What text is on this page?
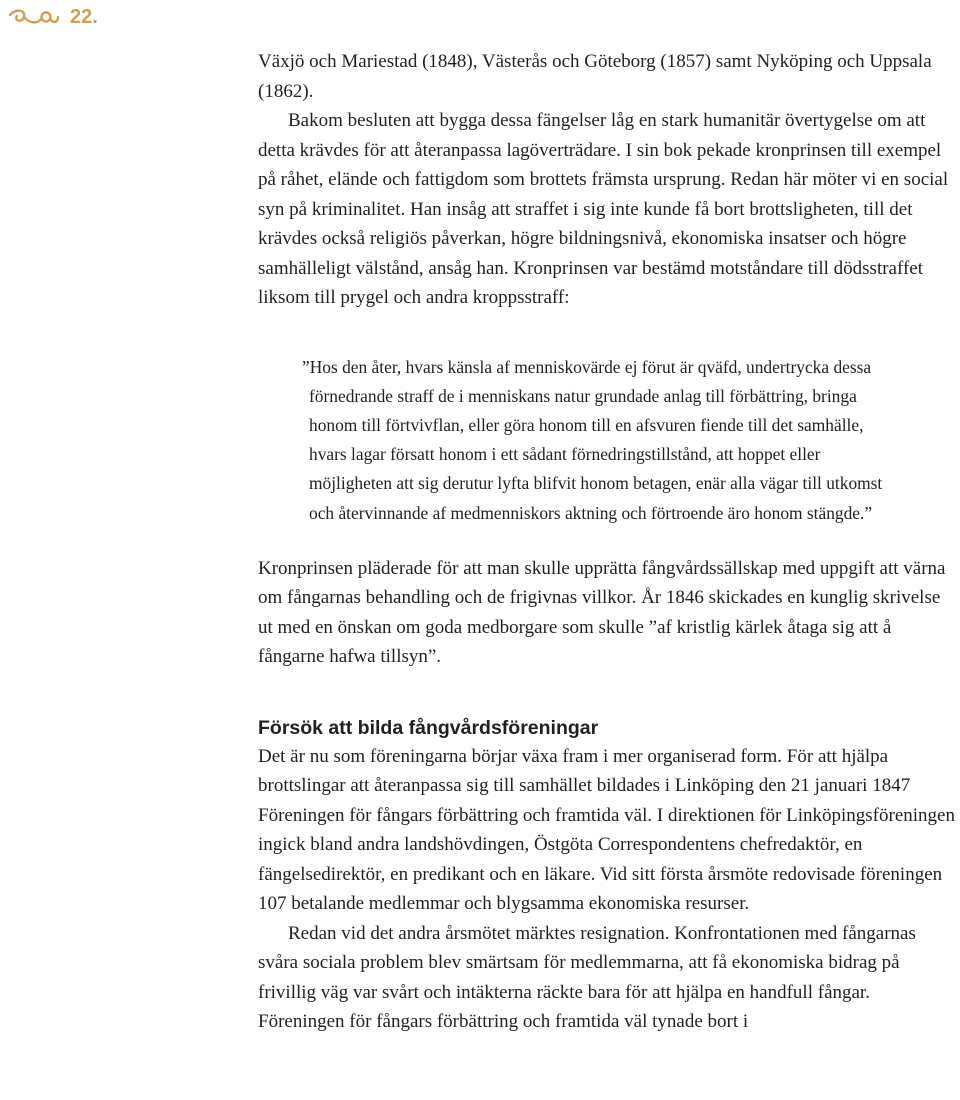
22.

Växjö och Mariestad (1848), Västerås och Göteborg (1857) samt Nyköping och Uppsala (1862).

Bakom besluten att bygga dessa fängelser låg en stark humanitär övertygelse om att detta krävdes för att återanpassa lagöverträdare. I sin bok pekade kronprinsen till exempel på råhet, elände och fattigdom som brottets främsta ursprung. Redan här möter vi en social syn på kriminalitet. Han insåg att straffet i sig inte kunde få bort brottsligheten, till det krävdes också religiös påverkan, högre bildningsnivå, ekonomiska insatser och högre samhälleligt välstånd, ansåg han. Kronprinsen var bestämd motståndare till dödsstraffet liksom till prygel och andra kroppsstraff:

”Hos den åter, hvars känsla af menniskovärde ej förut är qväfd, undertrycka dessa förnedrande straff de i menniskans natur grundade anlag till förbättring, bringa honom till förtvivflan, eller göra honom till en afsvuren fiende till det samhälle, hvars lagar försatt honom i ett sådant förnedringstillstånd, att hoppet eller möjligheten att sig derutur lyfta blifvit honom betagen, enär alla vägar till utkomst och återvinnande af medmenniskors aktning och förtroende äro honom stängde.”

Kronprinsen pläderade för att man skulle upprätta fångvårdssällskap med uppgift att värna om fångarnas behandling och de frigivnas villkor. År 1846 skickades en kunglig skrivelse ut med en önskan om goda medborgare som skulle ”af kristlig kärlek åtaga sig att å fångarne hafwa tillsyn”.

Försök att bilda fångvårdsföreningar

Det är nu som föreningarna börjar växa fram i mer organiserad form. För att hjälpa brottslingar att återanpassa sig till samhället bildades i Linköping den 21 januari 1847 Föreningen för fångars förbättring och framtida väl. I direktionen för Linköpingsföreningen ingick bland andra landshövdingen, Östgöta Correspondentens chefredaktör, en fängelsedirektör, en predikant och en läkare. Vid sitt första årsmöte redovisade föreningen 107 betalande medlemmar och blygsamma ekonomiska resurser.

Redan vid det andra årsmötet märktes resignation. Konfrontationen med fångarnas svåra sociala problem blev smärtsam för medlemmarna, att få ekonomiska bidrag på frivillig väg var svårt och intäkterna räckte bara för att hjälpa en handfull fångar. Föreningen för fångars förbättring och framtida väl tynade bort i
